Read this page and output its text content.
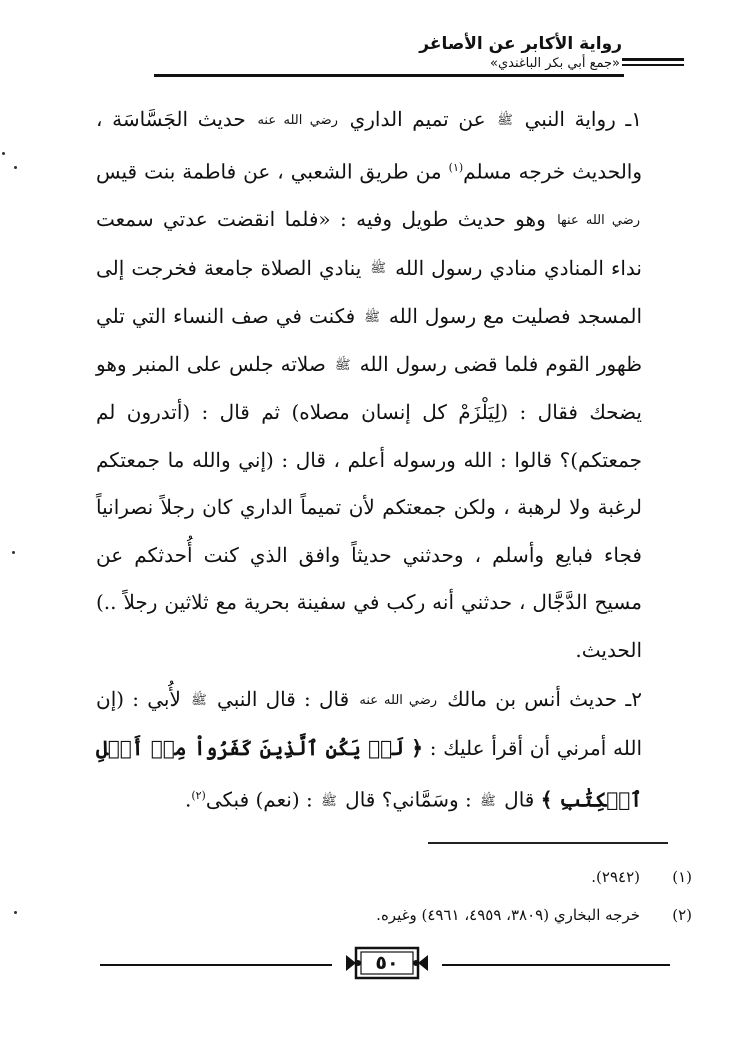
رواية الأكابر عن الأصاغر
«جمع أبي بكر الباغندي»

١ـ رواية النبي ﷺ عن تميم الداري رضي الله عنه حديث الجَسَّاسَة ، والحديث خرجه مسلم$^{(١)}$ من طريق الشعبي ، عن فاطمة بنت قيس رضي الله عنها وهو حديث طويل وفيه : «فلما انقضت عدتي سمعت نداء المنادي منادي رسول الله ﷺ ينادي الصلاة جامعة فخرجت إلى المسجد فصليت مع رسول الله ﷺ فكنت في صف النساء التي تلي ظهور القوم فلما قضى رسول الله ﷺ صلاته جلس على المنبر وهو يضحك فقال : (لِيَلْزَمْ كل إنسان مصلاه) ثم قال : (أتدرون لم جمعتكم)؟ قالوا : الله ورسوله أعلم ، قال : (إني والله ما جمعتكم لرغبة ولا لرهبة ، ولكن جمعتكم لأن تميماً الداري كان رجلاً نصرانياً فجاء فبايع وأسلم ، وحدثني حديثاً وافق الذي كنت أُحدثكم عن مسيح الدَّجَّال ، حدثني أنه ركب في سفينة بحرية مع ثلاثين رجلاً ..) الحديث.

٢ـ حديث أنس بن مالك رضي الله عنه قال : قال النبي ﷺ لأُبي : (إن الله أمرني أن أقرأ عليك : ﴿ لَمۡ يَكُنِ ٱلَّذِينَ كَفَرُواْ مِنۡ أَهۡلِ ٱلۡكِتَٰبِ ﴾ قال ﷺ : وسَمَّاني؟ قال ﷺ : (نعم) فبكى$^{(٢)}$.

(١)(٢٩٤٢).
(٢)خرجه البخاري (٣٨٠٩، ٤٩٥٩، ٤٩٦١) وغيره.
٥٠
